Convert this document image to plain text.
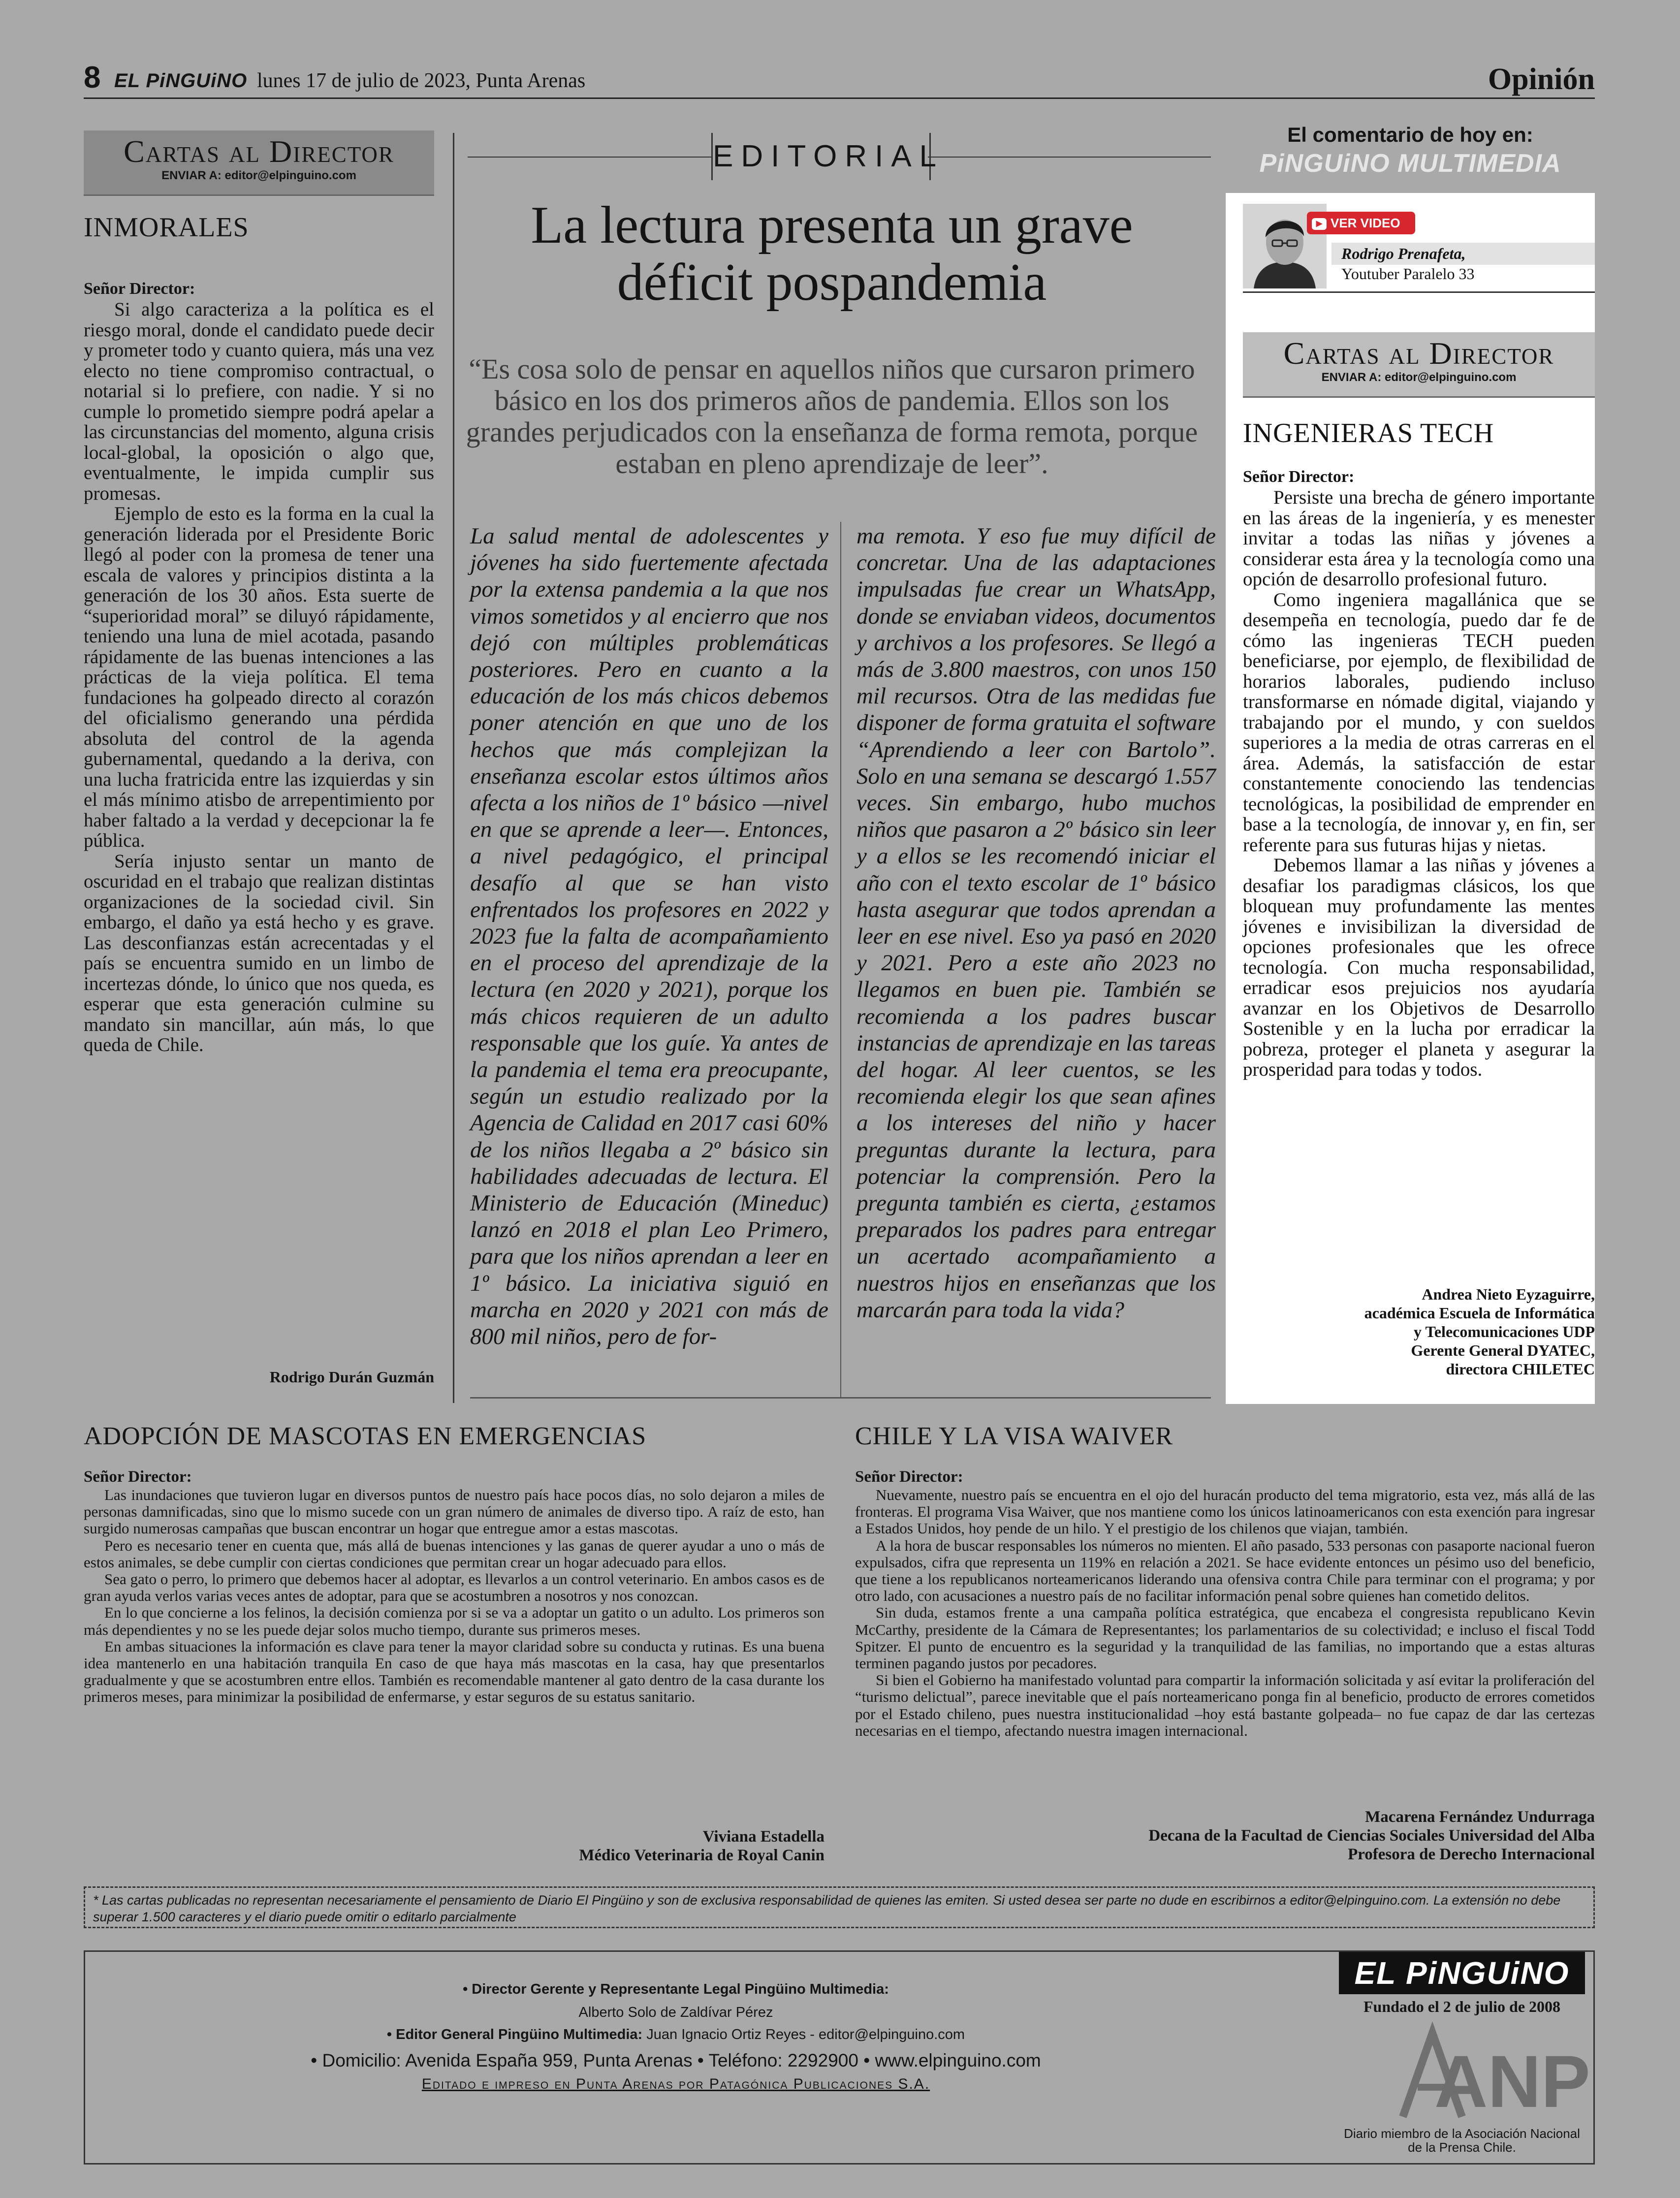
8 EL PiNGUiNO lunes 17 de julio de 2023, Punta Arenas	Opinión
Cartas al Director
ENVIAR A: editor@elpinguino.com
INMORALES
Señor Director:

Si algo caracteriza a la política es el riesgo moral, donde el candidato puede decir y prometer todo y cuanto quiera, más una vez electo no tiene compromiso contractual, o notarial si lo prefiere, con nadie. Y si no cumple lo prometido siempre podrá apelar a las circunstancias del momento, alguna crisis local-global, la oposición o algo que, eventualmente, le impida cumplir sus promesas.

Ejemplo de esto es la forma en la cual la generación liderada por el Presidente Boric llegó al poder con la promesa de tener una escala de valores y principios distinta a la generación de los 30 años. Esta suerte de “superioridad moral” se diluyó rápidamente, teniendo una luna de miel acotada, pasando rápidamente de las buenas intenciones a las prácticas de la vieja política. El tema fundaciones ha golpeado directo al corazón del oficialismo generando una pérdida absoluta del control de la agenda gubernamental, quedando a la deriva, con una lucha fratricida entre las izquierdas y sin el más mínimo atisbo de arrepentimiento por haber faltado a la verdad y decepcionar la fe pública.

Sería injusto sentar un manto de oscuridad en el trabajo que realizan distintas organizaciones de la sociedad civil. Sin embargo, el daño ya está hecho y es grave. Las desconfianzas están acrecentadas y el país se encuentra sumido en un limbo de incertezas dónde, lo único que nos queda, es esperar que esta generación culmine su mandato sin mancillar, aún más, lo que queda de Chile.

Rodrigo Durán Guzmán
EDITORIAL
La lectura presenta un grave déficit pospandemia
“Es cosa solo de pensar en aquellos niños que cursaron primero básico en los dos primeros años de pandemia. Ellos son los grandes perjudicados con la enseñanza de forma remota, porque estaban en pleno aprendizaje de leer”.
La salud mental de adolescentes y jóvenes ha sido fuertemente afectada por la extensa pandemia a la que nos vimos sometidos y al encierro que nos dejó con múltiples problemáticas posteriores. Pero en cuanto a la educación de los más chicos debemos poner atención en que uno de los hechos que más complejizan la enseñanza escolar estos últimos años afecta a los niños de 1º básico —nivel en que se aprende a leer—. Entonces, a nivel pedagógico, el principal desafío al que se han visto enfrentados los profesores en 2022 y 2023 fue la falta de acompañamiento en el proceso del aprendizaje de la lectura (en 2020 y 2021), porque los más chicos requieren de un adulto responsable que los guíe. Ya antes de la pandemia el tema era preocupante, según un estudio realizado por la Agencia de Calidad en 2017 casi 60% de los niños llegaba a 2º básico sin habilidades adecuadas de lectura. El Ministerio de Educación (Mineduc) lanzó en 2018 el plan Leo Primero, para que los niños aprendan a leer en 1º básico. La iniciativa siguió en marcha en 2020 y 2021 con más de 800 mil niños, pero de for-
ma remota. Y eso fue muy difícil de concretar. Una de las adaptaciones impulsadas fue crear un WhatsApp, donde se enviaban videos, documentos y archivos a los profesores. Se llegó a más de 3.800 maestros, con unos 150 mil recursos. Otra de las medidas fue disponer de forma gratuita el software “Aprendiendo a leer con Bartolo”. Solo en una semana se descargó 1.557 veces. Sin embargo, hubo muchos niños que pasaron a 2º básico sin leer y a ellos se les recomendó iniciar el año con el texto escolar de 1º básico hasta asegurar que todos aprendan a leer en ese nivel. Eso ya pasó en 2020 y 2021. Pero a este año 2023 no llegamos en buen pie. También se recomienda a los padres buscar instancias de aprendizaje en las tareas del hogar. Al leer cuentos, se les recomienda elegir los que sean afines a los intereses del niño y hacer preguntas durante la lectura, para potenciar la comprensión. Pero la pregunta también es cierta, ¿estamos preparados los padres para entregar un acertado acompañamiento a nuestros hijos en enseñanzas que los marcarán para toda la vida?
El comentario de hoy en:
PiNGUiNO MULTIMEDIA
▶ VER VIDEO
Rodrigo Prenafeta,
Youtuber Paralelo 33
Cartas al Director
ENVIAR A: editor@elpinguino.com
INGENIERAS TECH
Señor Director:

Persiste una brecha de género importante en las áreas de la ingeniería, y es menester invitar a todas las niñas y jóvenes a considerar esta área y la tecnología como una opción de desarrollo profesional futuro.

Como ingeniera magallánica que se desempeña en tecnología, puedo dar fe de cómo las ingenieras TECH pueden beneficiarse, por ejemplo, de flexibilidad de horarios laborales, pudiendo incluso transformarse en nómade digital, viajando y trabajando por el mundo, y con sueldos superiores a la media de otras carreras en el área. Además, la satisfacción de estar constantemente conociendo las tendencias tecnológicas, la posibilidad de emprender en base a la tecnología, de innovar y, en fin, ser referente para sus futuras hijas y nietas.

Debemos llamar a las niñas y jóvenes a desafiar los paradigmas clásicos, los que bloquean muy profundamente las mentes jóvenes e invisibilizan la diversidad de opciones profesionales que les ofrece tecnología. Con mucha responsabilidad, erradicar esos prejuicios nos ayudaría avanzar en los Objetivos de Desarrollo Sostenible y en la lucha por erradicar la pobreza, proteger el planeta y asegurar la prosperidad para todas y todos.

Andrea Nieto Eyzaguirre,
académica Escuela de Informática
y Telecomunicaciones UDP
Gerente General DYATEC,
directora CHILETEC
ADOPCIÓN DE MASCOTAS EN EMERGENCIAS
Señor Director:

Las inundaciones que tuvieron lugar en diversos puntos de nuestro país hace pocos días, no solo dejaron a miles de personas damnificadas, sino que lo mismo sucede con un gran número de animales de diverso tipo. A raíz de esto, han surgido numerosas campañas que buscan encontrar un hogar que entregue amor a estas mascotas.

Pero es necesario tener en cuenta que, más allá de buenas intenciones y las ganas de querer ayudar a uno o más de estos animales, se debe cumplir con ciertas condiciones que permitan crear un hogar adecuado para ellos.

Sea gato o perro, lo primero que debemos hacer al adoptar, es llevarlos a un control veterinario. En ambos casos es de gran ayuda verlos varias veces antes de adoptar, para que se acostumbren a nosotros y nos conozcan.

En lo que concierne a los felinos, la decisión comienza por si se va a adoptar un gatito o un adulto. Los primeros son más dependientes y no se les puede dejar solos mucho tiempo, durante sus primeros meses.

En ambas situaciones la información es clave para tener la mayor claridad sobre su conducta y rutinas. Es una buena idea mantenerlo en una habitación tranquila En caso de que haya más mascotas en la casa, hay que presentarlos gradualmente y que se acostumbren entre ellos. También es recomendable mantener al gato dentro de la casa durante los primeros meses, para minimizar la posibilidad de enfermarse, y estar seguros de su estatus sanitario.

Viviana Estadella
Médico Veterinaria de Royal Canin
CHILE Y LA VISA WAIVER
Señor Director:

Nuevamente, nuestro país se encuentra en el ojo del huracán producto del tema migratorio, esta vez, más allá de las fronteras. El programa Visa Waiver, que nos mantiene como los únicos latinoamericanos con esta exención para ingresar a Estados Unidos, hoy pende de un hilo. Y el prestigio de los chilenos que viajan, también.

A la hora de buscar responsables los números no mienten. El año pasado, 533 personas con pasaporte nacional fueron expulsados, cifra que representa un 119% en relación a 2021. Se hace evidente entonces un pésimo uso del beneficio, que tiene a los republicanos norteamericanos liderando una ofensiva contra Chile para terminar con el programa; y por otro lado, con acusaciones a nuestro país de no facilitar información penal sobre quienes han cometido delitos.

Sin duda, estamos frente a una campaña política estratégica, que encabeza el congresista republicano Kevin McCarthy, presidente de la Cámara de Representantes; los parlamentarios de su colectividad; e incluso el fiscal Todd Spitzer. El punto de encuentro es la seguridad y la tranquilidad de las familias, no importando que a estas alturas terminen pagando justos por pecadores.

Si bien el Gobierno ha manifestado voluntad para compartir la información solicitada y así evitar la proliferación del “turismo delictual”, parece inevitable que el país norteamericano ponga fin al beneficio, producto de errores cometidos por el Estado chileno, pues nuestra institucionalidad –hoy está bastante golpeada– no fue capaz de dar las certezas necesarias en el tiempo, afectando nuestra imagen internacional.

Macarena Fernández Undurraga
Decana de la Facultad de Ciencias Sociales Universidad del Alba
Profesora de Derecho Internacional
* Las cartas publicadas no representan necesariamente el pensamiento de Diario El Pingüino y son de exclusiva responsabilidad de quienes las emiten. Si usted desea ser parte no dude en escribirnos a editor@elpinguino.com. La extensión no debe superar 1.500 caracteres y el diario puede omitir o editarlo parcialmente
• Director Gerente y Representante Legal Pingüino Multimedia:
Alberto Solo de Zaldívar Pérez
• Editor General Pingüino Multimedia: Juan Ignacio Ortiz Reyes - editor@elpinguino.com
• Domicilio: Avenida España 959, Punta Arenas • Teléfono: 2292900 • www.elpinguino.com
Editado e impreso en Punta Arenas por Patagónica Publicaciones S.A.
EL PiNGUiNO
Fundado el 2 de julio de 2008
ANP
Diario miembro de la Asociación Nacional de la Prensa Chile.
